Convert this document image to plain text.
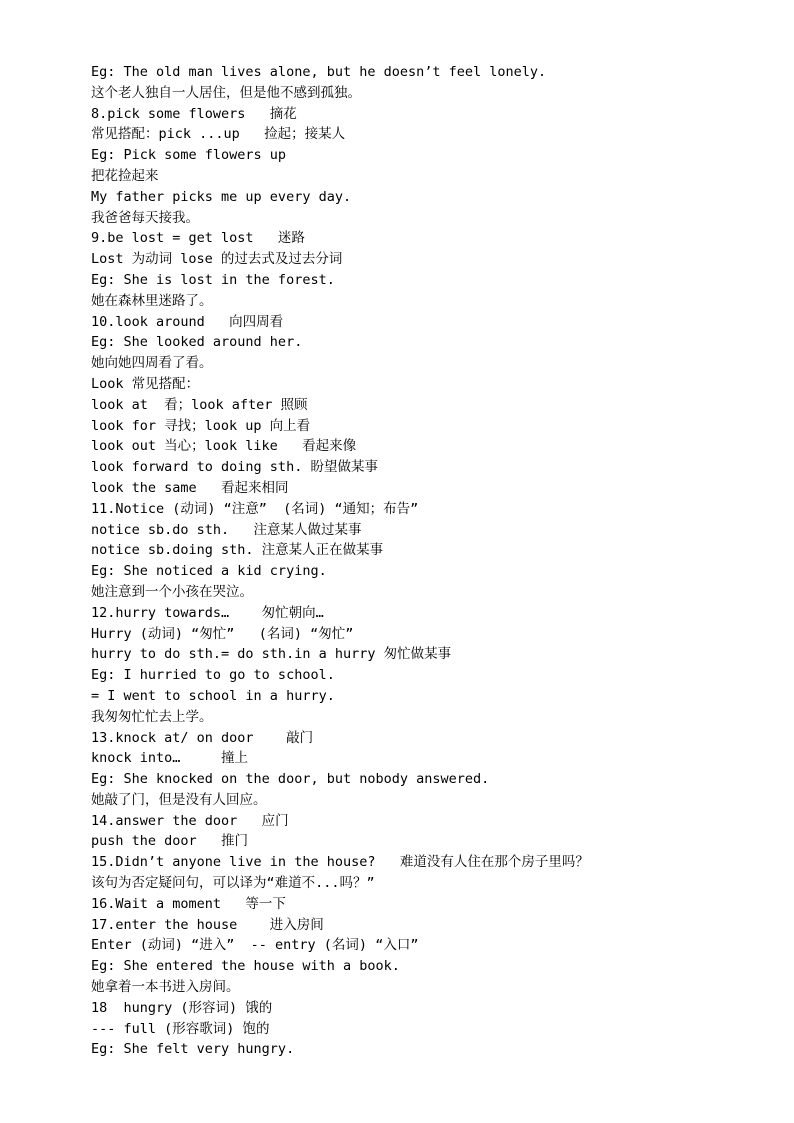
Eg: The old man lives alone, but he doesn’t feel lonely.
这个老人独自一人居住，但是他不感到孤独。
8.pick some flowers   摘花
常见搭配：pick ...up   捡起；接某人
Eg: Pick some flowers up
把花捡起来
My father picks me up every day.
我爸爸每天接我。
9.be lost = get lost   迷路
Lost 为动词 lose 的过去式及过去分词
Eg: She is lost in the forest.
她在森林里迷路了。
10.look around   向四周看
Eg: She looked around her.
她向她四周看了看。
Look 常见搭配：
look at  看；look after 照顾
look for 寻找；look up 向上看
look out 当心；look like   看起来像
look forward to doing sth. 盼望做某事
look the same   看起来相同
11.Notice (动词) “注意”  (名词) “通知；布告”
notice sb.do sth.   注意某人做过某事
notice sb.doing sth. 注意某人正在做某事
Eg: She noticed a kid crying.
她注意到一个小孩在哭泣。
12.hurry towards…    匆忙朝向…
Hurry (动词) “匆忙”   (名词) “匆忙”
hurry to do sth.= do sth.in a hurry 匆忙做某事
Eg: I hurried to go to school.
= I went to school in a hurry.
我匆匆忙忙去上学。
13.knock at/ on door    敲门
knock into…     撞上
Eg: She knocked on the door, but nobody answered.
她敲了门，但是没有人回应。
14.answer the door   应门
push the door   推门
15.Didn’t anyone live in the house?   难道没有人住在那个房子里吗？
该句为否定疑问句，可以译为“难道不...吗？”
16.Wait a moment   等一下
17.enter the house    进入房间
Enter (动词) “进入”  -- entry (名词) “入口”
Eg: She entered the house with a book.
她拿着一本书进入房间。
18  hungry (形容词) 饿的
--- full (形容歌词) 饱的
Eg: She felt very hungry.
